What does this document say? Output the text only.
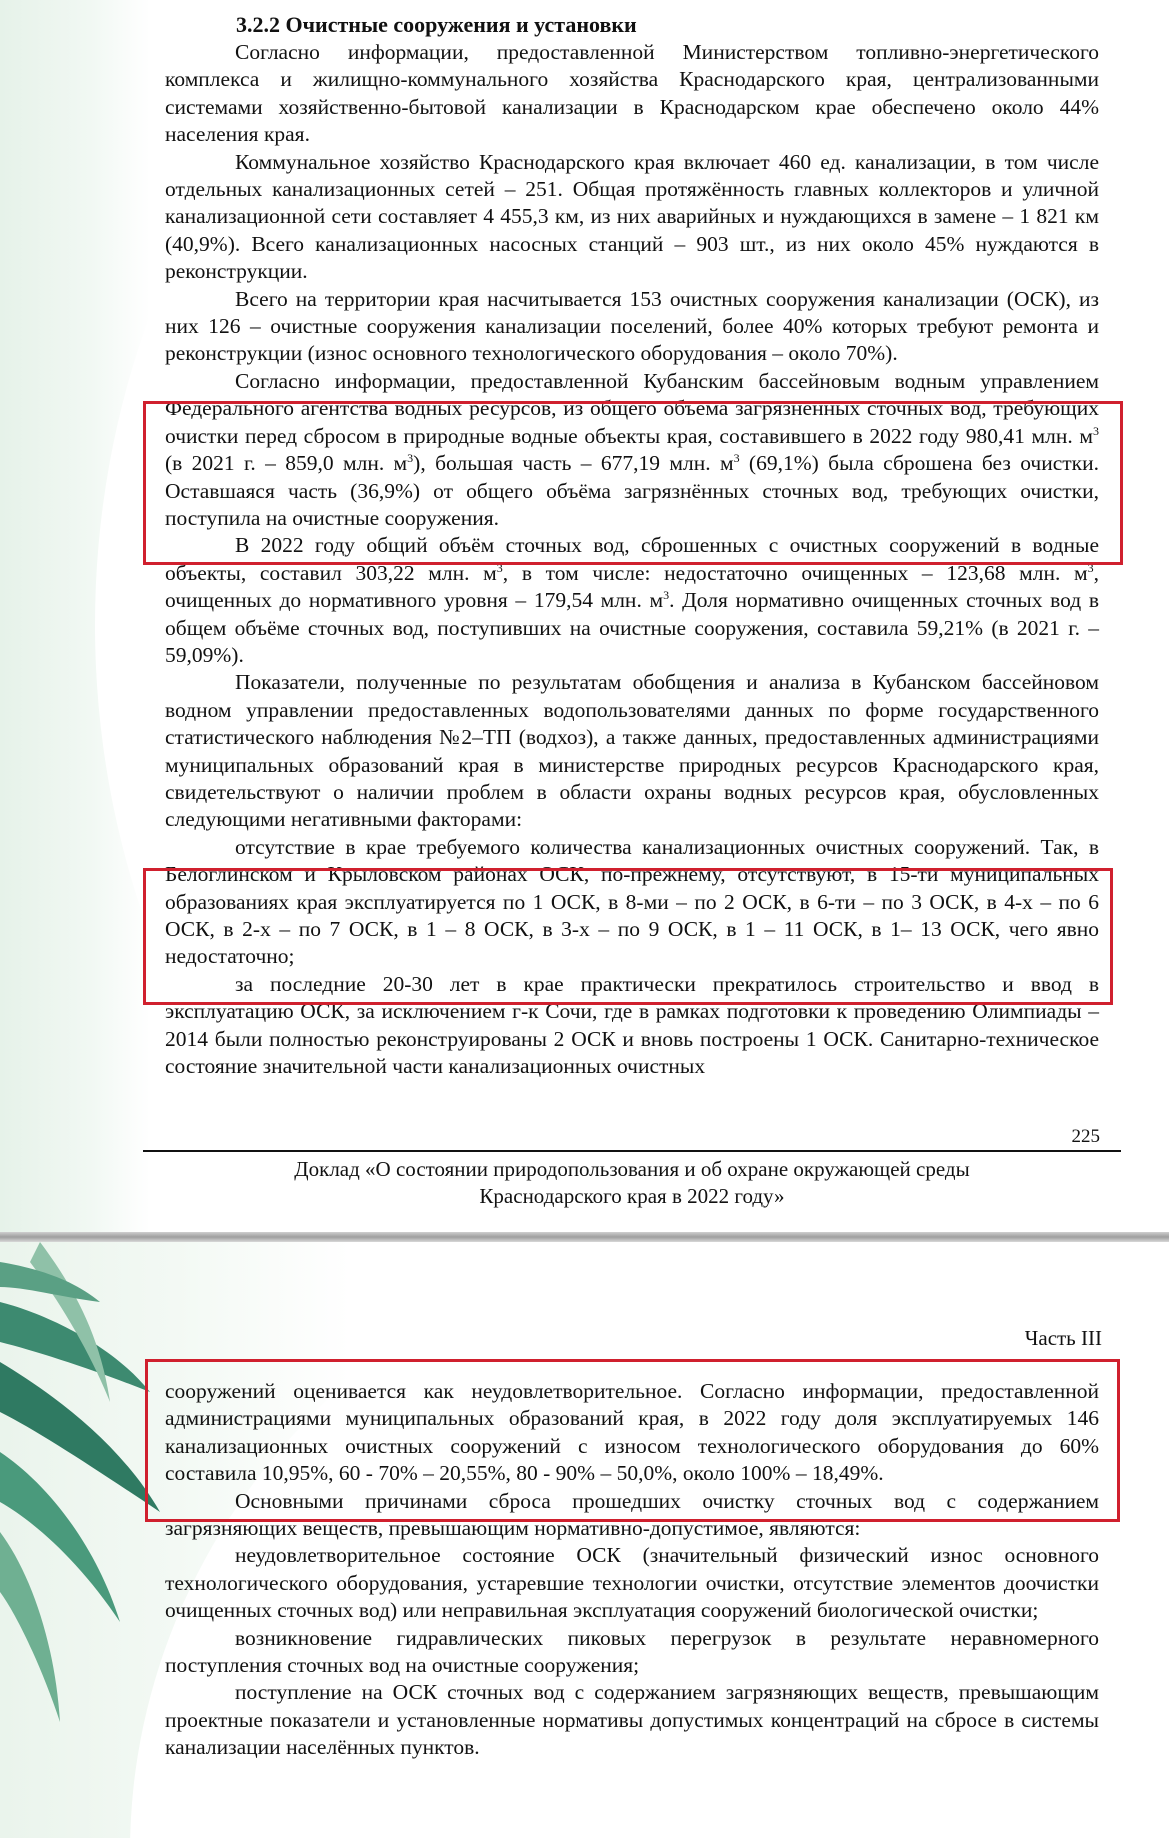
3.2.2 Очистные сооружения и установки

Согласно информации, предоставленной Министерством топливно-энергетического комплекса и жилищно-коммунального хозяйства Краснодарского края, централизованными системами хозяйственно-бытовой канализации в Краснодарском крае обеспечено около 44% населения края.

Коммунальное хозяйство Краснодарского края включает 460 ед. канализации, в том числе отдельных канализационных сетей – 251. Общая протяжённость главных коллекторов и уличной канализационной сети составляет 4 455,3 км, из них аварийных и нуждающихся в замене – 1 821 км (40,9%). Всего канализационных насосных станций – 903 шт., из них около 45% нуждаются в реконструкции.

Всего на территории края насчитывается 153 очистных сооружения канализации (ОСК), из них 126 – очистные сооружения канализации поселений, более 40% которых требуют ремонта и реконструкции (износ основного технологического оборудования – около 70%).

Согласно информации, предоставленной Кубанским бассейновым водным управлением Федерального агентства водных ресурсов, из общего объёма загрязнённых сточных вод, требующих очистки перед сбросом в природные водные объекты края, составившего в 2022 году 980,41 млн. $м^3$ (в 2021 г. – 859,0 млн. $м^3$), большая часть – 677,19 млн. $м^3$ (69,1%) была сброшена без очистки. Оставшаяся часть (36,9%) от общего объёма загрязнённых сточных вод, требующих очистки, поступила на очистные сооружения.

В 2022 году общий объём сточных вод, сброшенных с очистных сооружений в водные объекты, составил 303,22 млн. $м^3$, в том числе: недостаточно очищенных – 123,68 млн. $м^3$, очищенных до нормативного уровня – 179,54 млн. $м^3$. Доля нормативно очищенных сточных вод в общем объёме сточных вод, поступивших на очистные сооружения, составила 59,21% (в 2021 г. – 59,09%).

Показатели, полученные по результатам обобщения и анализа в Кубанском бассейновом водном управлении предоставленных водопользователями данных по форме государственного статистического наблюдения №2–ТП (водхоз), а также данных, предоставленных администрациями муниципальных образований края в министерстве природных ресурсов Краснодарского края, свидетельствуют о наличии проблем в области охраны водных ресурсов края, обусловленных следующими негативными факторами:

отсутствие в крае требуемого количества канализационных очистных сооружений. Так, в Белоглинском и Крыловском районах ОСК, по-прежнему, отсутствуют, в 15-ти муниципальных образованиях края эксплуатируется по 1 ОСК, в 8-ми – по 2 ОСК, в 6-ти – по 3 ОСК, в 4-х – по 6 ОСК, в 2-х – по 7 ОСК, в 1 – 8 ОСК, в 3-х – по 9 ОСК, в 1 – 11 ОСК, в 1– 13 ОСК, чего явно недостаточно;

за последние 20-30 лет в крае практически прекратилось строительство и ввод в эксплуатацию ОСК, за исключением г-к Сочи, где в рамках подготовки к проведению Олимпиады – 2014 были полностью реконструированы 2 ОСК и вновь построены 1 ОСК. Санитарно-техническое состояние значительной части канализационных очистных

225
Доклад «О состоянии природопользования и об охране окружающей среды
Краснодарского края в 2022 году»
Часть III

сооружений оценивается как неудовлетворительное. Согласно информации, предоставленной администрациями муниципальных образований края, в 2022 году доля эксплуатируемых 146 канализационных очистных сооружений с износом технологического оборудования до 60% составила 10,95%, 60 - 70% – 20,55%, 80 - 90% – 50,0%, около 100% – 18,49%.

Основными причинами сброса прошедших очистку сточных вод с содержанием загрязняющих веществ, превышающим нормативно-допустимое, являются:

неудовлетворительное состояние ОСК (значительный физический износ основного технологического оборудования, устаревшие технологии очистки, отсутствие элементов доочистки очищенных сточных вод) или неправильная эксплуатация сооружений биологической очистки;

возникновение гидравлических пиковых перегрузок в результате неравномерного поступления сточных вод на очистные сооружения;

поступление на ОСК сточных вод с содержанием загрязняющих веществ, превышающим проектные показатели и установленные нормативы допустимых концентраций на сбросе в системы канализации населённых пунктов.
